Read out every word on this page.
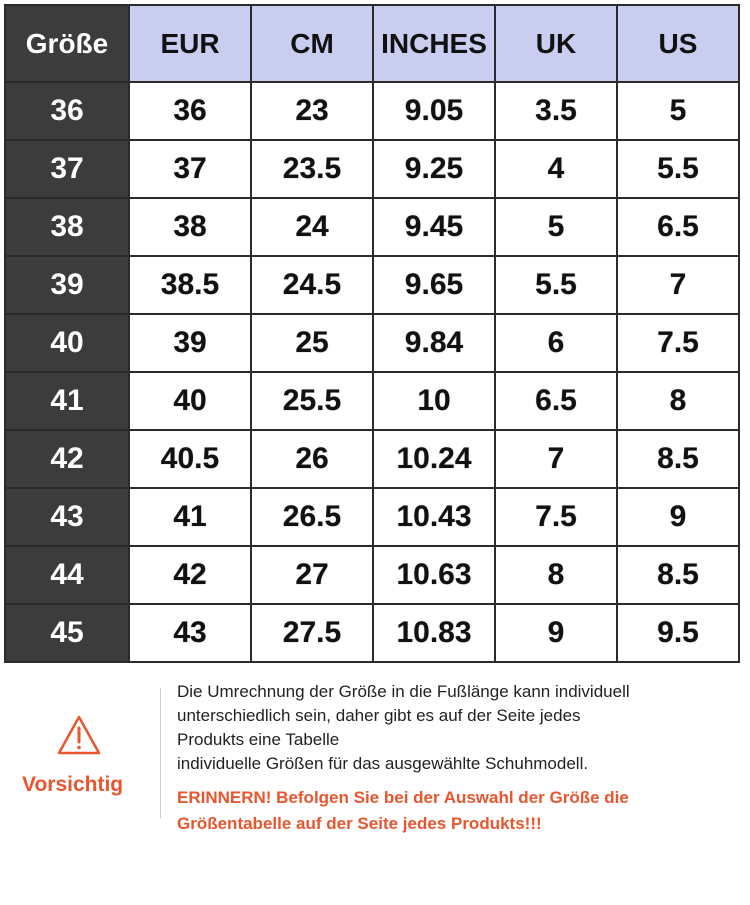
Größe	EUR	CM	INCHES	UK	US
36	36	23	9.05	3.5	5
37	37	23.5	9.25	4	5.5
38	38	24	9.45	5	6.5
39	38.5	24.5	9.65	5.5	7
40	39	25	9.84	6	7.5
41	40	25.5	10	6.5	8
42	40.5	26	10.24	7	8.5
43	41	26.5	10.43	7.5	9
44	42	27	10.63	8	8.5
45	43	27.5	10.83	9	9.5
Vorsichtig
Die Umrechnung der Größe in die Fußlänge kann individuell
unterschiedlich sein, daher gibt es auf der Seite jedes
Produkts eine Tabelle
individuelle Größen für das ausgewählte Schuhmodell.
ERINNERN! Befolgen Sie bei der Auswahl der Größe die
Größentabelle auf der Seite jedes Produkts!!!
